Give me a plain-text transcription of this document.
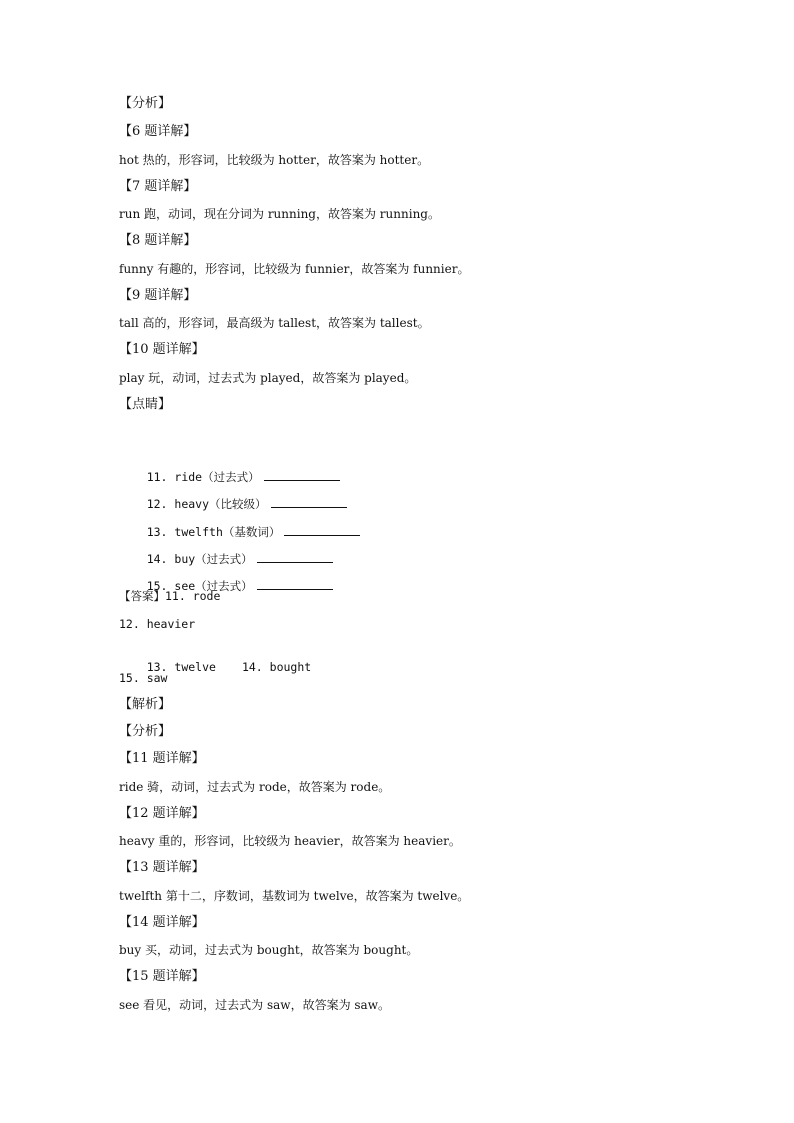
【分析】
【6 题详解】
hot 热的，形容词，比较级为 hotter，故答案为 hotter。
【7 题详解】
run 跑，动词，现在分词为 running，故答案为 running。
【8 题详解】
funny 有趣的，形容词，比较级为 funnier，故答案为 funnier。
【9 题详解】
tall 高的，形容词，最高级为 tallest，故答案为 tallest。
【10 题详解】
play 玩，动词，过去式为 played，故答案为 played。
【点睛】

11. ride（过去式）

12. heavy（比较级）

13. twelfth（基数词）

14. buy（过去式）

15. see（过去式）

【答案】11. rode
12. heavier

13. twelve 14. bought

15. saw
【解析】
【分析】
【11 题详解】
ride 骑，动词，过去式为 rode，故答案为 rode。
【12 题详解】
heavy 重的，形容词，比较级为 heavier，故答案为 heavier。
【13 题详解】
twelfth 第十二，序数词，基数词为 twelve，故答案为 twelve。
【14 题详解】
buy 买，动词，过去式为 bought，故答案为 bought。
【15 题详解】
see 看见，动词，过去式为 saw，故答案为 saw。
